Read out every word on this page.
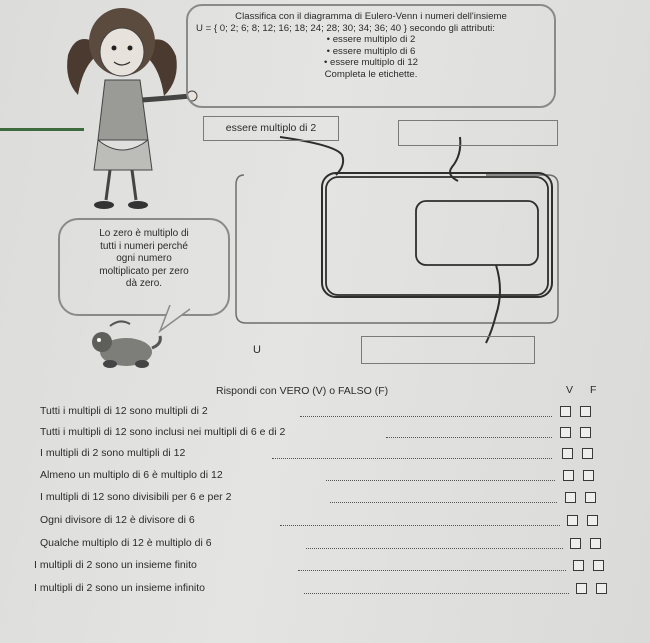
Classifica con il diagramma di Eulero-Venn i numeri dell'insieme
U = { 0; 2; 6; 8; 12; 16; 18; 24; 28; 30; 34; 36; 40 } secondo gli attributi:
• essere multiplo di 2
• essere multiplo di 6
• essere multiplo di 12
Completa le etichette.
essere multiplo di 2
U
Lo zero è multiplo di
tutti i numeri perché
ogni numero
moltiplicato per zero
dà zero.
Rispondi con VERO (V) o FALSO (F)	V F
Tutti i multipli di 12 sono multipli di 2
Tutti i multipli di 12 sono inclusi nei multipli di 6 e di 2
I multipli di 2 sono multipli di 12
Almeno un multiplo di 6 è multiplo di 12
I multipli di 12 sono divisibili per 6 e per 2
Ogni divisore di 12 è divisore di 6
Qualche multiplo di 12 è multiplo di 6
I multipli di 2 sono un insieme finito
I multipli di 2 sono un insieme infinito
